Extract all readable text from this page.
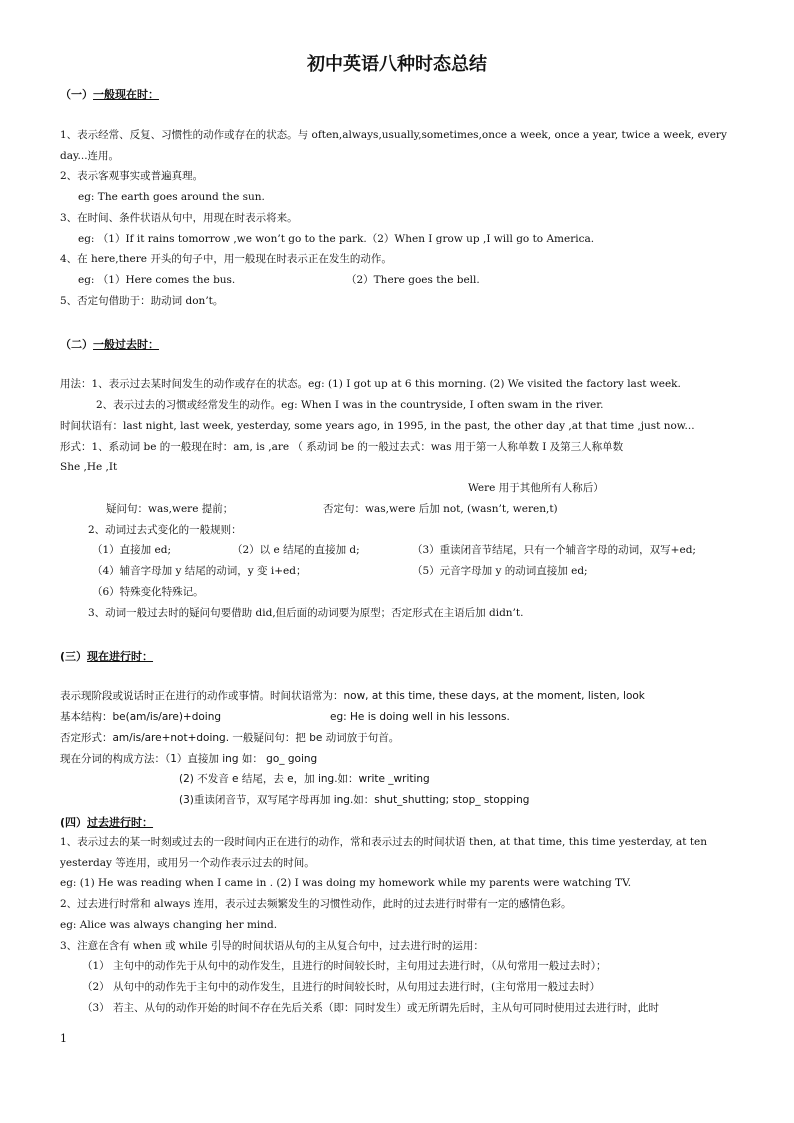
初中英语八种时态总结
（一）一般现在时：
1、表示经常、反复、习惯性的动作或存在的状态。与 often,always,usually,sometimes,once a week, once a year, twice a week, every
day...连用。
2、表示客观事实或普遍真理。
eg: The earth goes around the sun.
3、在时间、条件状语从句中，用现在时表示将来。
eg: （1）If it rains tomorrow ,we won’t go to the park.（2）When I grow up ,I will go to America.
4、在 here,there 开头的句子中，用一般现在时表示正在发生的动作。
eg: （1）Here comes the bus.	（2）There goes the bell.
5、否定句借助于：助动词 don’t。
（二）一般过去时：
用法：1、表示过去某时间发生的动作或存在的状态。eg: (1) I got up at 6 this morning. (2) We visited the factory last week.
2、表示过去的习惯或经常发生的动作。eg: When I was in the countryside, I often swam in the river.
时间状语有：last night, last week, yesterday, some years ago, in 1995, in the past, the other day ,at that time ,just now...
形式：1、系动词 be 的一般现在时：am, is ,are （ 系动词 be 的一般过去式：was 用于第一人称单数 I 及第三人称单数
She ,He ,It
Were 用于其他所有人称后）
疑问句：was,were 提前；	否定句：was,were 后加 not, (wasn’t, weren,t)
2、动词过去式变化的一般规则：
（1）直接加 ed;	（2）以 e 结尾的直接加 d;	（3）重读闭音节结尾，只有一个辅音字母的动词，双写+ed;
（4）辅音字母加 y 结尾的动词，y 变 i+ed；	（5）元音字母加 y 的动词直接加 ed;
（6）特殊变化特殊记。
3、动词一般过去时的疑问句要借助 did,但后面的动词要为原型；否定形式在主语后加 didn’t.
(三）现在进行时：
表示现阶段或说话时正在进行的动作或事情。时间状语常为：now, at this time, these days, at the moment, listen, look
基本结构：be(am/is/are)+doing	eg: He is doing well in his lessons.
否定形式：am/is/are+not+doing. 一般疑问句：把 be 动词放于句首。
现在分词的构成方法：（1）直接加 ing 如： go_ going
(2) 不发音 e 结尾，去 e，加 ing.如：write _writing
(3)重读闭音节，双写尾字母再加 ing.如：shut_shutting; stop_ stopping
(四）过去进行时：
1、表示过去的某一时刻或过去的一段时间内正在进行的动作，常和表示过去的时间状语 then, at that time, this time yesterday, at ten
yesterday 等连用，或用另一个动作表示过去的时间。
eg: (1) He was reading when I came in . (2) I was doing my homework while my parents were watching TV.
2、过去进行时常和 always 连用，表示过去频繁发生的习惯性动作，此时的过去进行时带有一定的感情色彩。
eg: Alice was always changing her mind.
3、注意在含有 when 或 while 引导的时间状语从句的主从复合句中，过去进行时的运用：
（1） 主句中的动作先于从句中的动作发生，且进行的时间较长时，主句用过去进行时，（从句常用一般过去时）；
（2） 从句中的动作先于主句中的动作发生，且进行的时间较长时，从句用过去进行时，(主句常用一般过去时）
（3） 若主、从句的动作开始的时间不存在先后关系（即：同时发生）或无所谓先后时，主从句可同时使用过去进行时，此时
1
